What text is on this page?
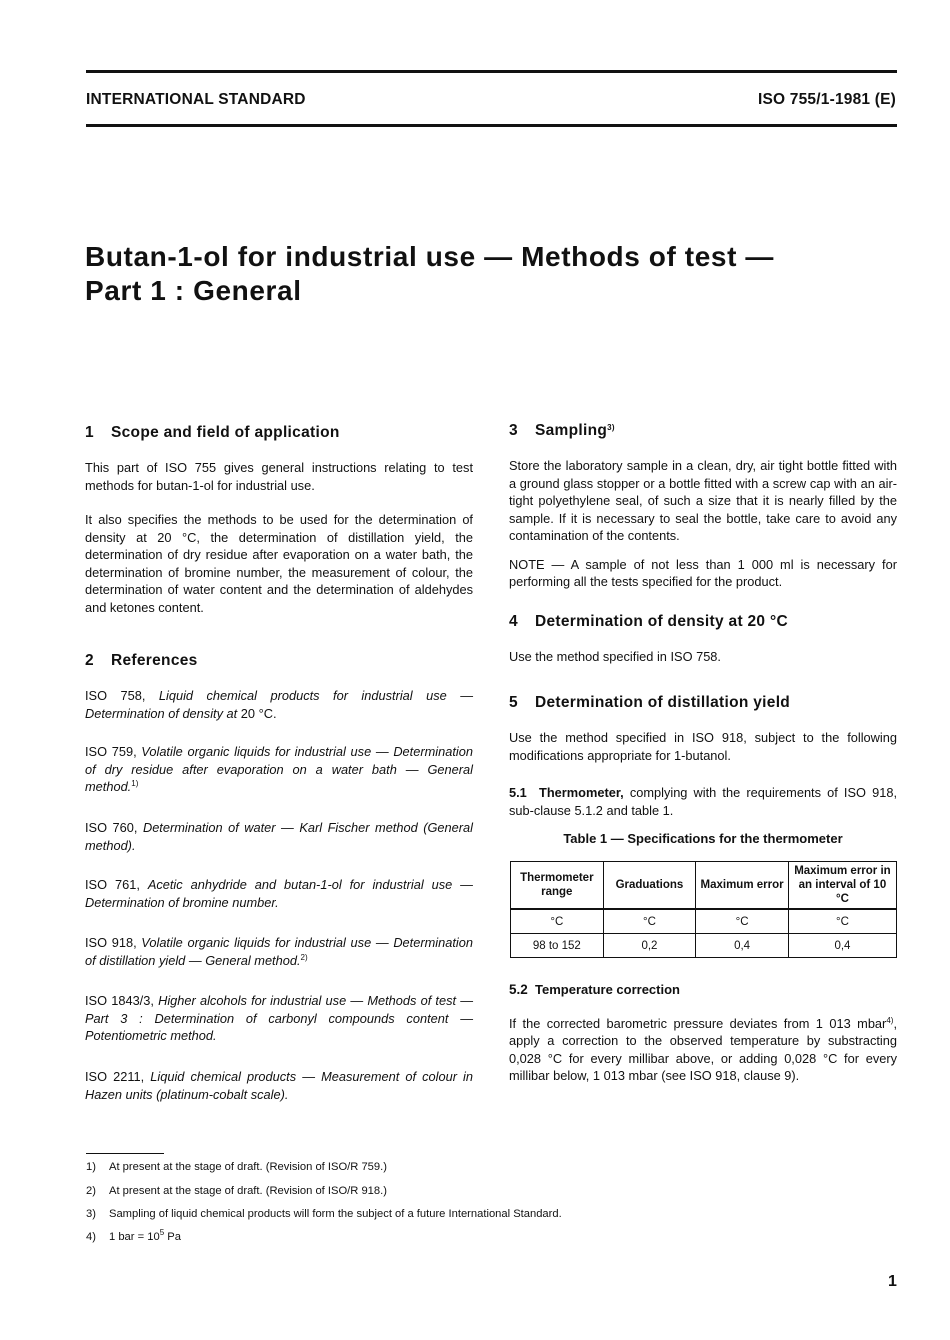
INTERNATIONAL STANDARD	ISO 755/1-1981 (E)
Butan-1-ol for industrial use — Methods of test —
Part 1 : General
1 Scope and field of application

This part of ISO 755 gives general instructions relating to test methods for butan-1-ol for industrial use.

It also specifies the methods to be used for the determination of density at 20 °C, the determination of distillation yield, the determination of dry residue after evaporation on a water bath, the determination of bromine number, the measurement of colour, the determination of water content and the determination of aldehydes and ketones content.

2 References
ISO 758, Liquid chemical products for industrial use — Determination of density at 20 °C.
ISO 759, Volatile organic liquids for industrial use — Determination of dry residue after evaporation on a water bath — General method.$^{1)}$
ISO 760, Determination of water — Karl Fischer method (General method).
ISO 761, Acetic anhydride and butan-1-ol for industrial use — Determination of bromine number.
ISO 918, Volatile organic liquids for industrial use — Determination of distillation yield — General method.$^{2)}$
ISO 1843/3, Higher alcohols for industrial use — Methods of test — Part 3 : Determination of carbonyl compounds content — Potentiometric method.
ISO 2211, Liquid chemical products — Measurement of colour in Hazen units (platinum-cobalt scale).
3 Sampling$^{3)}$

Store the laboratory sample in a clean, dry, air tight bottle fitted with a ground glass stopper or a bottle fitted with a screw cap with an air-tight polyethylene seal, of such a size that it is nearly filled by the sample. If it is necessary to seal the bottle, take care to avoid any contamination of the contents.

NOTE — A sample of not less than 1 000 ml is necessary for performing all the tests specified for the product.

4 Determination of density at 20 °C

Use the method specified in ISO 758.

5 Determination of distillation yield

Use the method specified in ISO 918, subject to the following modifications appropriate for 1-butanol.

5.1 Thermometer, complying with the requirements of ISO 918, sub-clause 5.1.2 and table 1.

Table 1 — Specifications for the thermometer
Thermometer range	Graduations	Maximum error	Maximum error in an interval of 10 °C
°C	°C	°C	°C
98 to 152	0,2	0,4	0,4
5.2 Temperature correction

If the corrected barometric pressure deviates from 1 013 mbar$^{4)}$, apply a correction to the observed temperature by substracting 0,028 °C for every millibar above, or adding 0,028 °C for every millibar below, 1 013 mbar (see ISO 918, clause 9).

1) At present at the stage of draft. (Revision of ISO/R 759.)
2) At present at the stage of draft. (Revision of ISO/R 918.)
3) Sampling of liquid chemical products will form the subject of a future International Standard.
4) 1 bar = $10^5$ Pa
1
